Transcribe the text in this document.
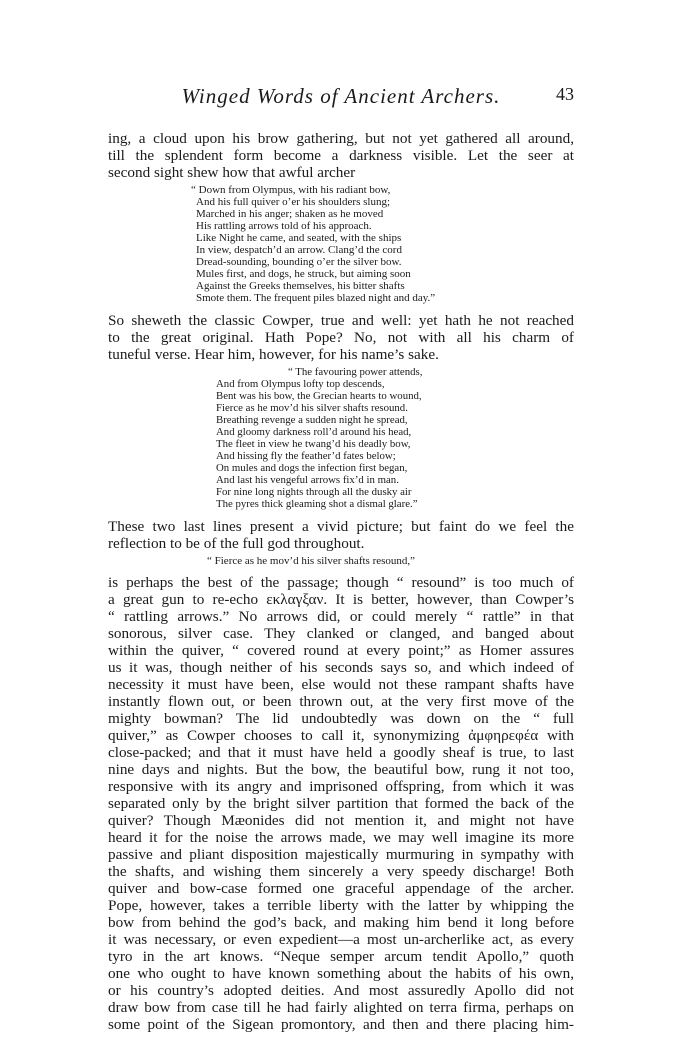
Winged Words of Ancient Archers.	43
ing, a cloud upon his brow gathering, but not yet gathered all around,
till the splendent form become a darkness visible. Let the seer at
second sight shew how that awful archer
“ Down from Olympus, with his radiant bow,
And his full quiver o’er his shoulders slung;
Marched in his anger; shaken as he moved
His rattling arrows told of his approach.
Like Night he came, and seated, with the ships
In view, despatch’d an arrow. Clang’d the cord
Dread-sounding, bounding o’er the silver bow.
Mules first, and dogs, he struck, but aiming soon
Against the Greeks themselves, his bitter shafts
Smote them. The frequent piles blazed night and day.”
So sheweth the classic Cowper, true and well: yet hath he not reached
to the great original. Hath Pope? No, not with all his charm of
tuneful verse. Hear him, however, for his name’s sake.
“ The favouring power attends,
And from Olympus lofty top descends,
Bent was his bow, the Grecian hearts to wound,
Fierce as he mov’d his silver shafts resound.
Breathing revenge a sudden night he spread,
And gloomy darkness roll’d around his head,
The fleet in view he twang’d his deadly bow,
And hissing fly the feather’d fates below;
On mules and dogs the infection first began,
And last his vengeful arrows fix’d in man.
For nine long nights through all the dusky air
The pyres thick gleaming shot a dismal glare.”
These two last lines present a vivid picture; but faint do we feel the
reflection to be of the full god throughout.
“ Fierce as he mov’d his silver shafts resound,”
is perhaps the best of the passage; though “ resound” is too much of
a great gun to re-echo εκλαγξαν. It is better, however, than Cowper’s
“ rattling arrows.” No arrows did, or could merely “ rattle” in that
sonorous, silver case. They clanked or clanged, and banged about
within the quiver, “ covered round at every point;” as Homer assures
us it was, though neither of his seconds says so, and which indeed of
necessity it must have been, else would not these rampant shafts have
instantly flown out, or been thrown out, at the very first move of the
mighty bowman? The lid undoubtedly was down on the “ full
quiver,” as Cowper chooses to call it, synonymizing ἀμφηρεφέα with
close-packed; and that it must have held a goodly sheaf is true, to last
nine days and nights. But the bow, the beautiful bow, rung it not too,
responsive with its angry and imprisoned offspring, from which it was
separated only by the bright silver partition that formed the back of the
quiver? Though Mæonides did not mention it, and might not have
heard it for the noise the arrows made, we may well imagine its more
passive and pliant disposition majestically murmuring in sympathy with
the shafts, and wishing them sincerely a very speedy discharge! Both
quiver and bow-case formed one graceful appendage of the archer.
Pope, however, takes a terrible liberty with the latter by whipping the
bow from behind the god’s back, and making him bend it long before
it was necessary, or even expedient—a most un-archerlike act, as every
tyro in the art knows. “Neque semper arcum tendit Apollo,” quoth
one who ought to have known something about the habits of his own,
or his country’s adopted deities. And most assuredly Apollo did not
draw bow from case till he had fairly alighted on terra firma, perhaps on
some point of the Sigean promontory, and then and there placing him-
